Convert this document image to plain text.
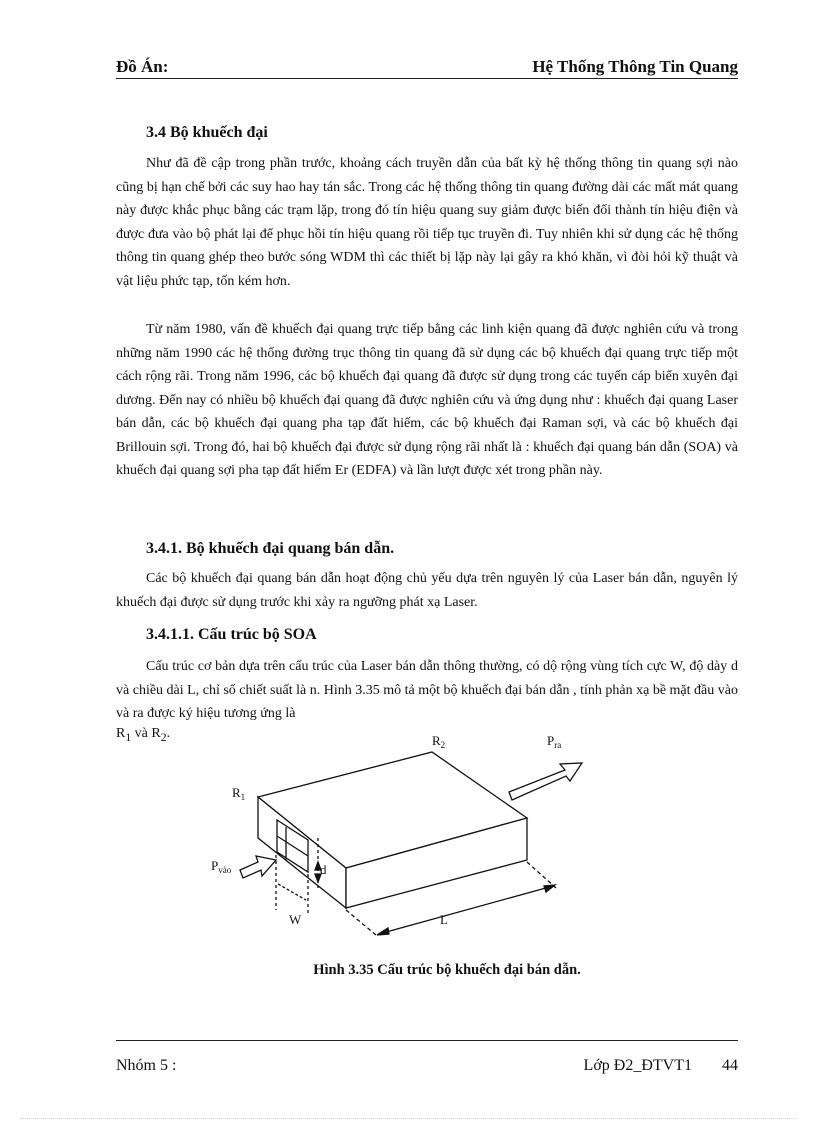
Đồ Án:	Hệ Thống Thông Tin Quang
3.4 Bộ khuếch đại

Như đã đề cập trong phần trước, khoảng cách truyền dẫn của bất kỳ hệ thống thông tin quang sợi nào cũng bị hạn chế bởi các suy hao hay tán sắc. Trong các hệ thống thông tin quang đường dài các mất mát quang này được khắc phục bằng các trạm lặp, trong đó tín hiệu quang suy giảm được biến đổi thành tín hiệu điện và được đưa vào bộ phát lại để phục hồi tín hiệu quang rồi tiếp tục truyền đi. Tuy nhiên khi sử dụng các hệ thống thông tin quang ghép theo bước sóng WDM thì các thiết bị lặp này lại gây ra khó khăn, vì đòi hỏi kỹ thuật và vật liệu phức tạp, tốn kém hơn.

Từ năm 1980, vấn đề khuếch đại quang trực tiếp bằng các linh kiện quang đã được nghiên cứu và trong những năm 1990 các hệ thống đường trục thông tin quang đã sử dụng các bộ khuếch đại quang trực tiếp một cách rộng rãi. Trong năm 1996, các bộ khuếch đại quang đã được sử dụng trong các tuyến cáp biển xuyên đại dương. Đến nay có nhiều bộ khuếch đại quang đã được nghiên cứu và ứng dụng như : khuếch đại quang Laser bán dẫn, các bộ khuếch đại quang pha tạp đất hiếm, các bộ khuếch đại Raman sợi, và các bộ khuếch đại Brillouin sợi. Trong đó, hai bộ khuếch đại được sử dụng rộng rãi nhất là : khuếch đại quang bán dẫn (SOA) và khuếch đại quang sợi pha tạp đất hiếm Er (EDFA) và lần lượt được xét trong phần này.

3.4.1. Bộ khuếch đại quang bán dẫn.

Các bộ khuếch đại quang bán dẫn hoạt động chủ yếu dựa trên nguyên lý của Laser bán dẫn, nguyên lý khuếch đại được sử dụng trước khi xảy ra ngưỡng phát xạ Laser.

3.4.1.1. Cấu trúc bộ SOA

Cấu trúc cơ bản dựa trên cấu trúc của Laser bán dẫn thông thường, có dộ rộng vùng tích cực W, độ dày d và chiều dài L, chỉ số chiết suất là n. Hình 3.35 mô tả một bộ khuếch đại bán dẫn , tính phản xạ bề mặt đầu vào và ra được ký hiệu tương ứng là

$R_1$ và $R_2$.	$R_2$	$P_{ra}$
$R_1$
$P_{vào}$	d
W	L
Hình 3.35 Cấu trúc bộ khuếch đại bán dẫn.
Nhóm 5 :	Lớp Đ2_ĐTVT1 44
